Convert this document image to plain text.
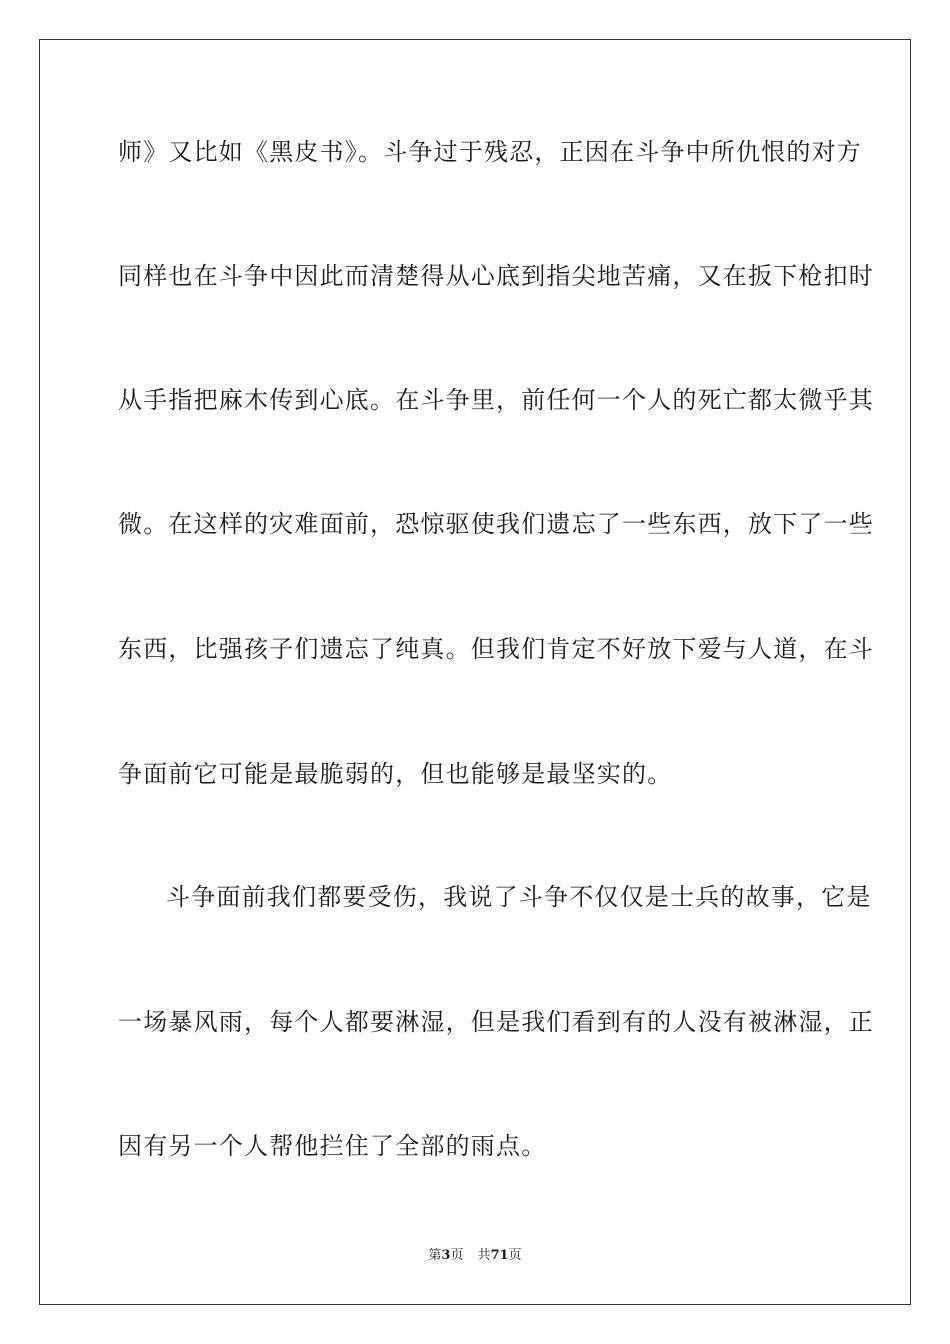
师》又比如《黑皮书》。斗争过于残忍，正因在斗争中所仇恨的对方
同样也在斗争中因此而清楚得从心底到指尖地苦痛，又在扳下枪扣时
从手指把麻木传到心底。在斗争里，前任何一个人的死亡都太微乎其
微。在这样的灾难面前，恐惊驱使我们遗忘了一些东西，放下了一些
东西，比强孩子们遗忘了纯真。但我们肯定不好放下爱与人道，在斗
争面前它可能是最脆弱的，但也能够是最坚实的。
斗争面前我们都要受伤，我说了斗争不仅仅是士兵的故事，它是
一场暴风雨，每个人都要淋湿，但是我们看到有的人没有被淋湿，正
因有另一个人帮他拦住了全部的雨点。
第3页 共71页
